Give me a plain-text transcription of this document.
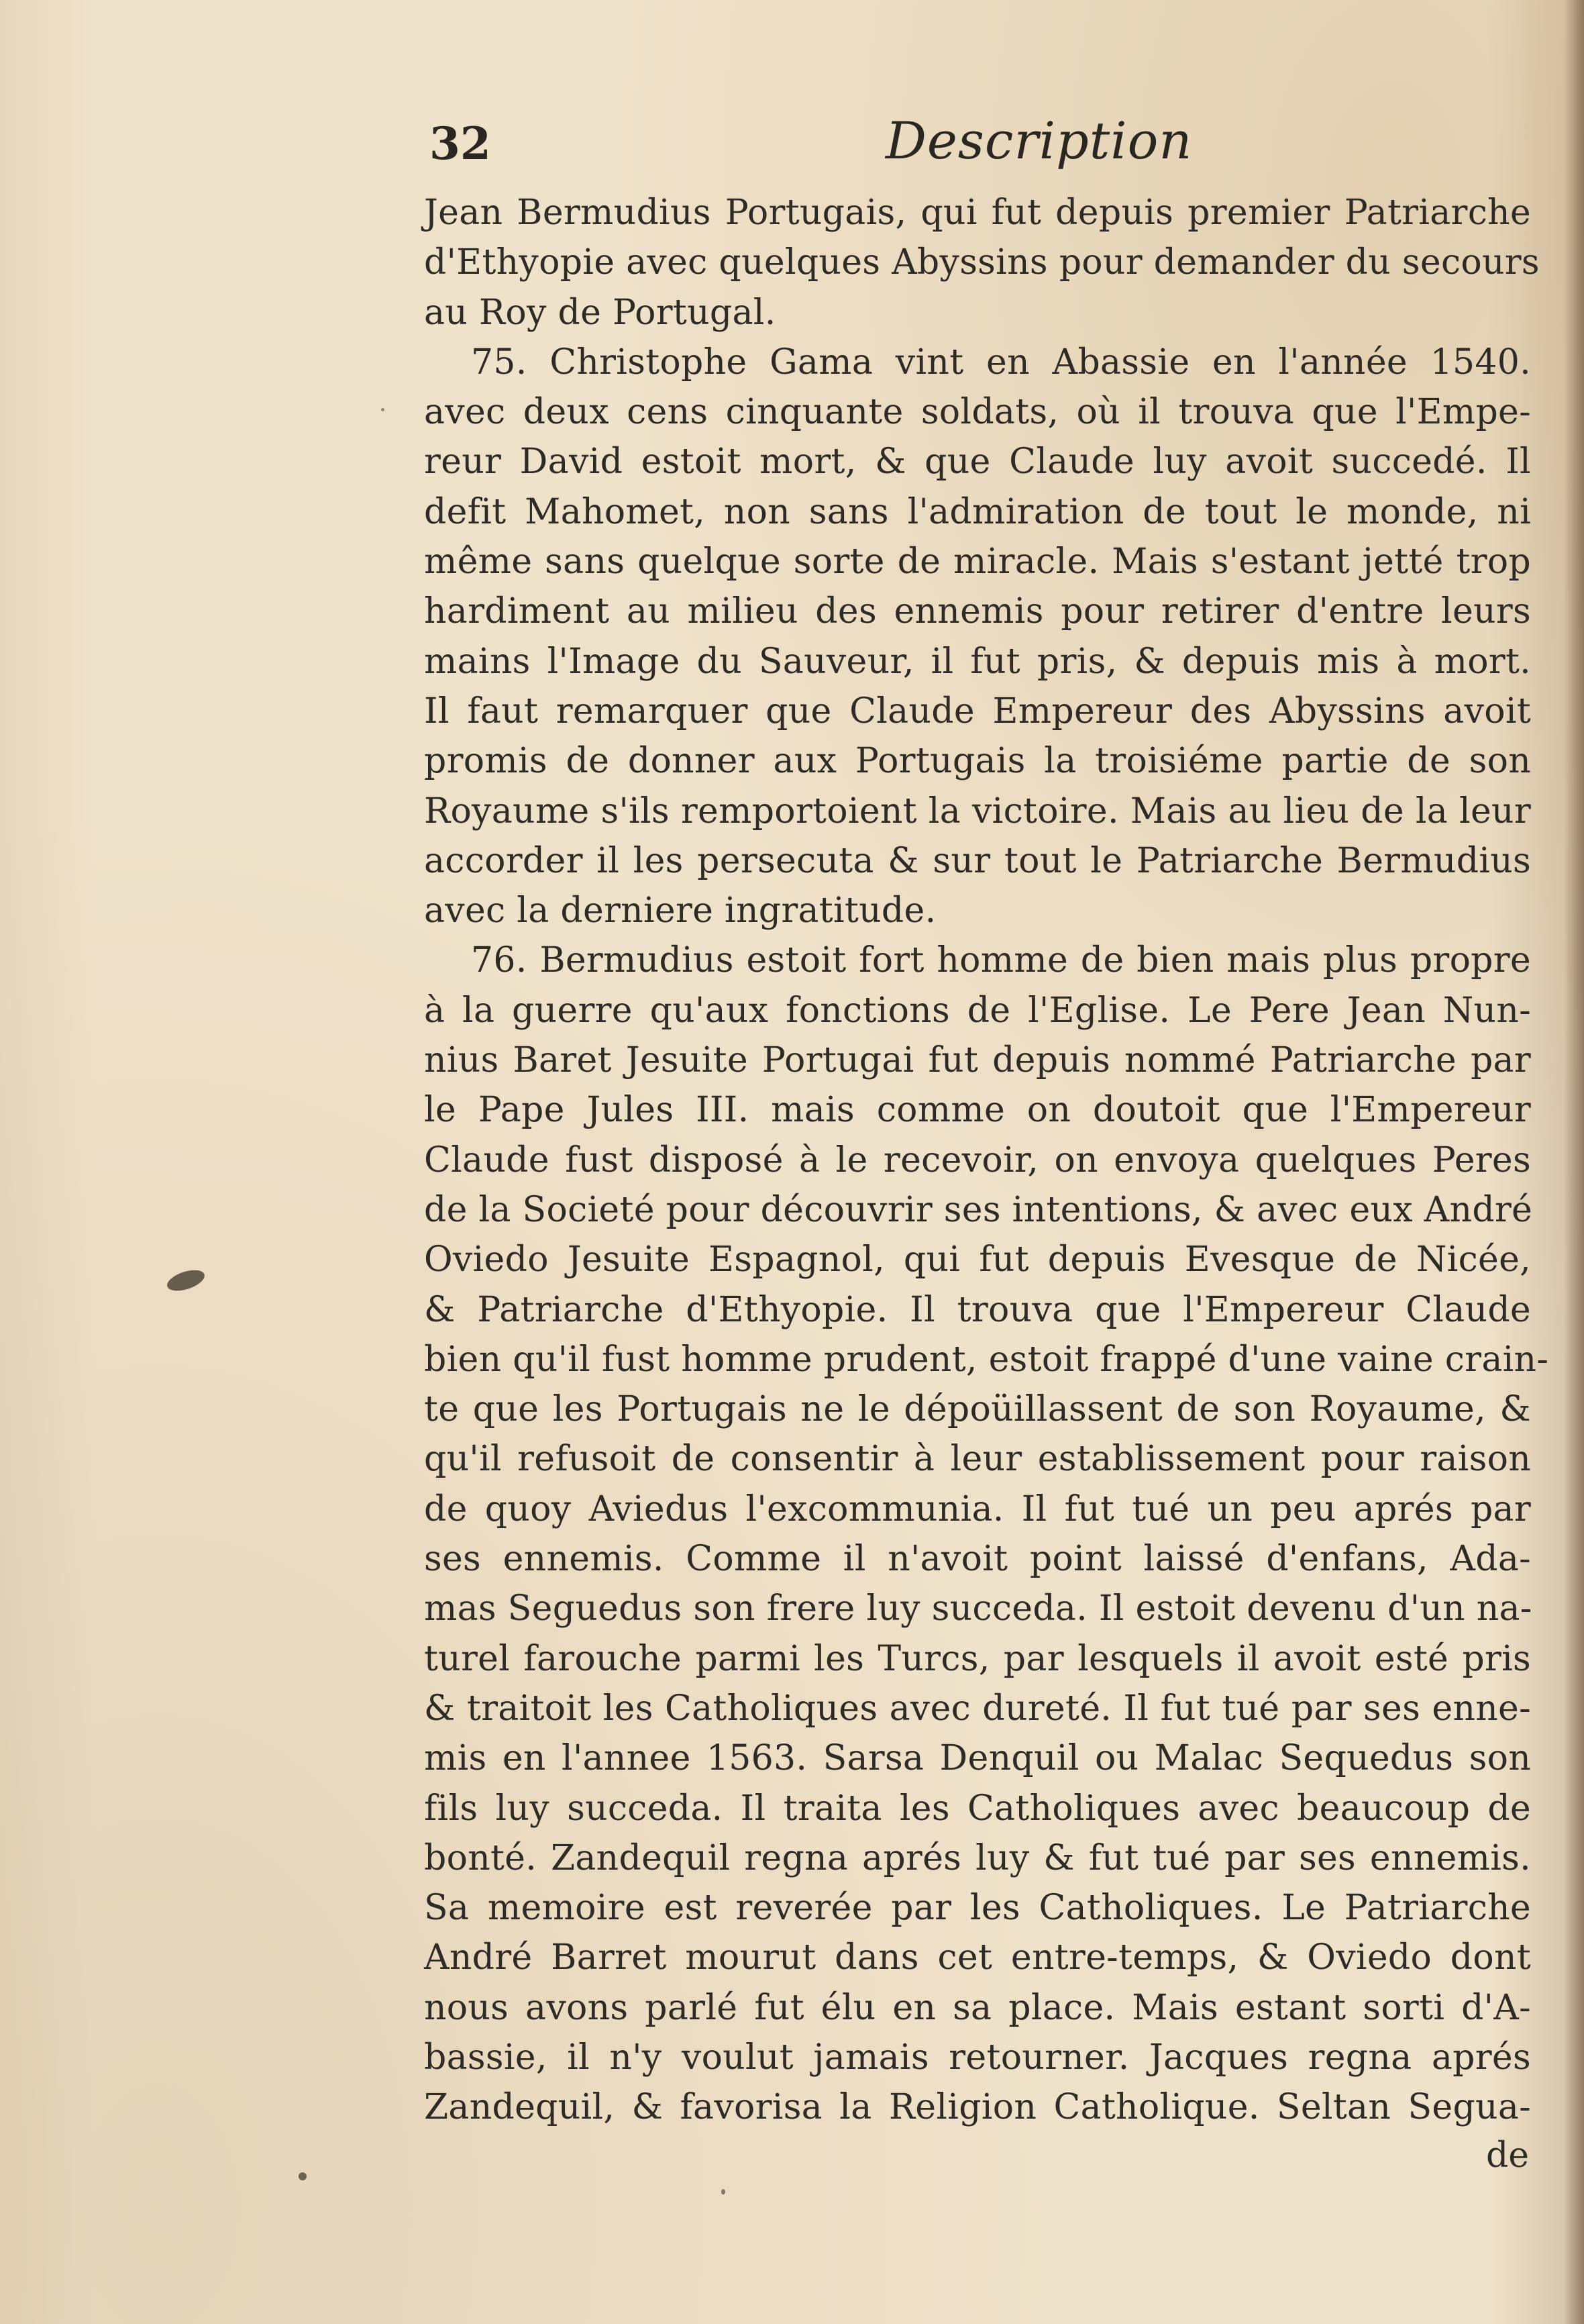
32	Description
Jean Bermudius Portugais, qui fut depuis premier Patriarche
d'Ethyopie avec quelques Abyssins pour demander du secours
au Roy de Portugal.
75. Christophe Gama vint en Abassie en l'année 1540.
avec deux cens cinquante soldats, où il trouva que l'Empe-
reur David estoit mort, & que Claude luy avoit succedé. Il
defit Mahomet, non sans l'admiration de tout le monde, ni
même sans quelque sorte de miracle. Mais s'estant jetté trop
hardiment au milieu des ennemis pour retirer d'entre leurs
mains l'Image du Sauveur, il fut pris, & depuis mis à mort.
Il faut remarquer que Claude Empereur des Abyssins avoit
promis de donner aux Portugais la troisiéme partie de son
Royaume s'ils remportoient la victoire. Mais au lieu de la leur
accorder il les persecuta & sur tout le Patriarche Bermudius
avec la derniere ingratitude.
76. Bermudius estoit fort homme de bien mais plus propre
à la guerre qu'aux fonctions de l'Eglise. Le Pere Jean Nun-
nius Baret Jesuite Portugai fut depuis nommé Patriarche par
le Pape Jules III. mais comme on doutoit que l'Empereur
Claude fust disposé à le recevoir, on envoya quelques Peres
de la Societé pour découvrir ses intentions, & avec eux André
Oviedo Jesuite Espagnol, qui fut depuis Evesque de Nicée,
& Patriarche d'Ethyopie. Il trouva que l'Empereur Claude
bien qu'il fust homme prudent, estoit frappé d'une vaine crain-
te que les Portugais ne le dépoüillassent de son Royaume, &
qu'il refusoit de consentir à leur establissement pour raison
de quoy Aviedus l'excommunia. Il fut tué un peu aprés par
ses ennemis. Comme il n'avoit point laissé d'enfans, Ada-
mas Seguedus son frere luy succeda. Il estoit devenu d'un na-
turel farouche parmi les Turcs, par lesquels il avoit esté pris
& traitoit les Catholiques avec dureté. Il fut tué par ses enne-
mis en l'annee 1563. Sarsa Denquil ou Malac Sequedus son
fils luy succeda. Il traita les Catholiques avec beaucoup de
bonté. Zandequil regna aprés luy & fut tué par ses ennemis.
Sa memoire est reverée par les Catholiques. Le Patriarche
André Barret mourut dans cet entre-temps, & Oviedo dont
nous avons parlé fut élu en sa place. Mais estant sorti d'A-
bassie, il n'y voulut jamais retourner. Jacques regna aprés
Zandequil, & favorisa la Religion Catholique. Seltan Segua-
de
